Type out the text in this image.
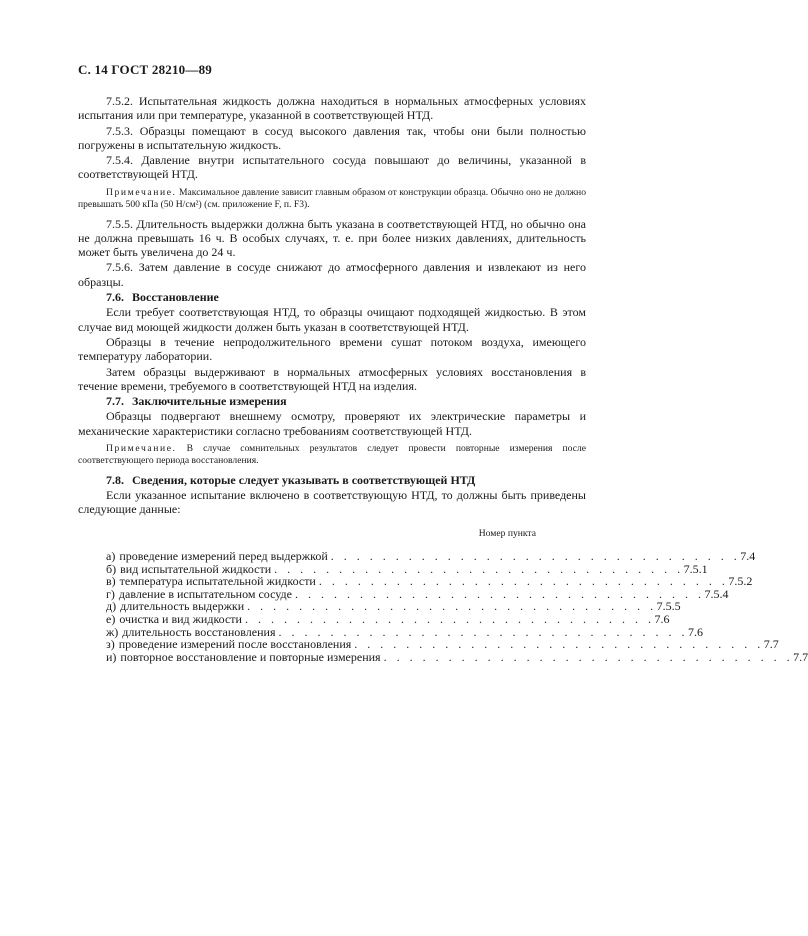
С. 14 ГОСТ 28210—89

7.5.2. Испытательная жидкость должна находиться в нормальных атмосферных условиях испытания или при температуре, указанной в соответствующей НТД.

7.5.3. Образцы помещают в сосуд высокого давления так, чтобы они были полностью погружены в испытательную жидкость.

7.5.4. Давление внутри испытательного сосуда повышают до величины, указанной в соответствующей НТД.

Примечание. Максимальное давление зависит главным образом от конструкции образца. Обычно оно не должно превышать 500 кПа (50 Н/см²) (см. приложение F, п. F3).

7.5.5. Длительность выдержки должна быть указана в соответствующей НТД, но обычно она не должна превышать 16 ч. В особых случаях, т. е. при более низких давлениях, длительность может быть увеличена до 24 ч.

7.5.6. Затем давление в сосуде снижают до атмосферного давления и извлекают из него образцы.

7.6. Восстановление

Если требует соответствующая НТД, то образцы очищают подходящей жидкостью. В этом случае вид моющей жидкости должен быть указан в соответствующей НТД.

Образцы в течение непродолжительного времени сушат потоком воздуха, имеющего температуру лаборатории.

Затем образцы выдерживают в нормальных атмосферных условиях восстановления в течение времени, требуемого в соответствующей НТД на изделия.

7.7. Заключительные измерения

Образцы подвергают внешнему осмотру, проверяют их электрические параметры и механические характеристики согласно требованиям соответствующей НТД.

Примечание. В случае сомнительных результатов следует провести повторные измерения после соответствующего периода восстановления.

7.8. Сведения, которые следует указывать в соответствующей НТД

Если указанное испытание включено в соответствующую НТД, то должны быть приведены следующие данные:

Номер пункта
а) проведение измерений перед выдержкой . . . . . . . . . . . . . . . . . . . . . . . . . . . . . . . . 7.4
б) вид испытательной жидкости . . . . . . . . . . . . . . . . . . . . . . . . . . . . . . . . 7.5.1
в) температура испытательной жидкости . . . . . . . . . . . . . . . . . . . . . . . . . . . . . . . . 7.5.2
г) давление в испытательном сосуде . . . . . . . . . . . . . . . . . . . . . . . . . . . . . . . . 7.5.4
д) длительность выдержки . . . . . . . . . . . . . . . . . . . . . . . . . . . . . . . . 7.5.5
е) очистка и вид жидкости . . . . . . . . . . . . . . . . . . . . . . . . . . . . . . . . 7.6
ж) длительность восстановления . . . . . . . . . . . . . . . . . . . . . . . . . . . . . . . . 7.6
з) проведение измерений после восстановления . . . . . . . . . . . . . . . . . . . . . . . . . . . . . . . . 7.7
и) повторное восстановление и повторные измерения . . . . . . . . . . . . . . . . . . . . . . . . . . . . . . . . 7.7
